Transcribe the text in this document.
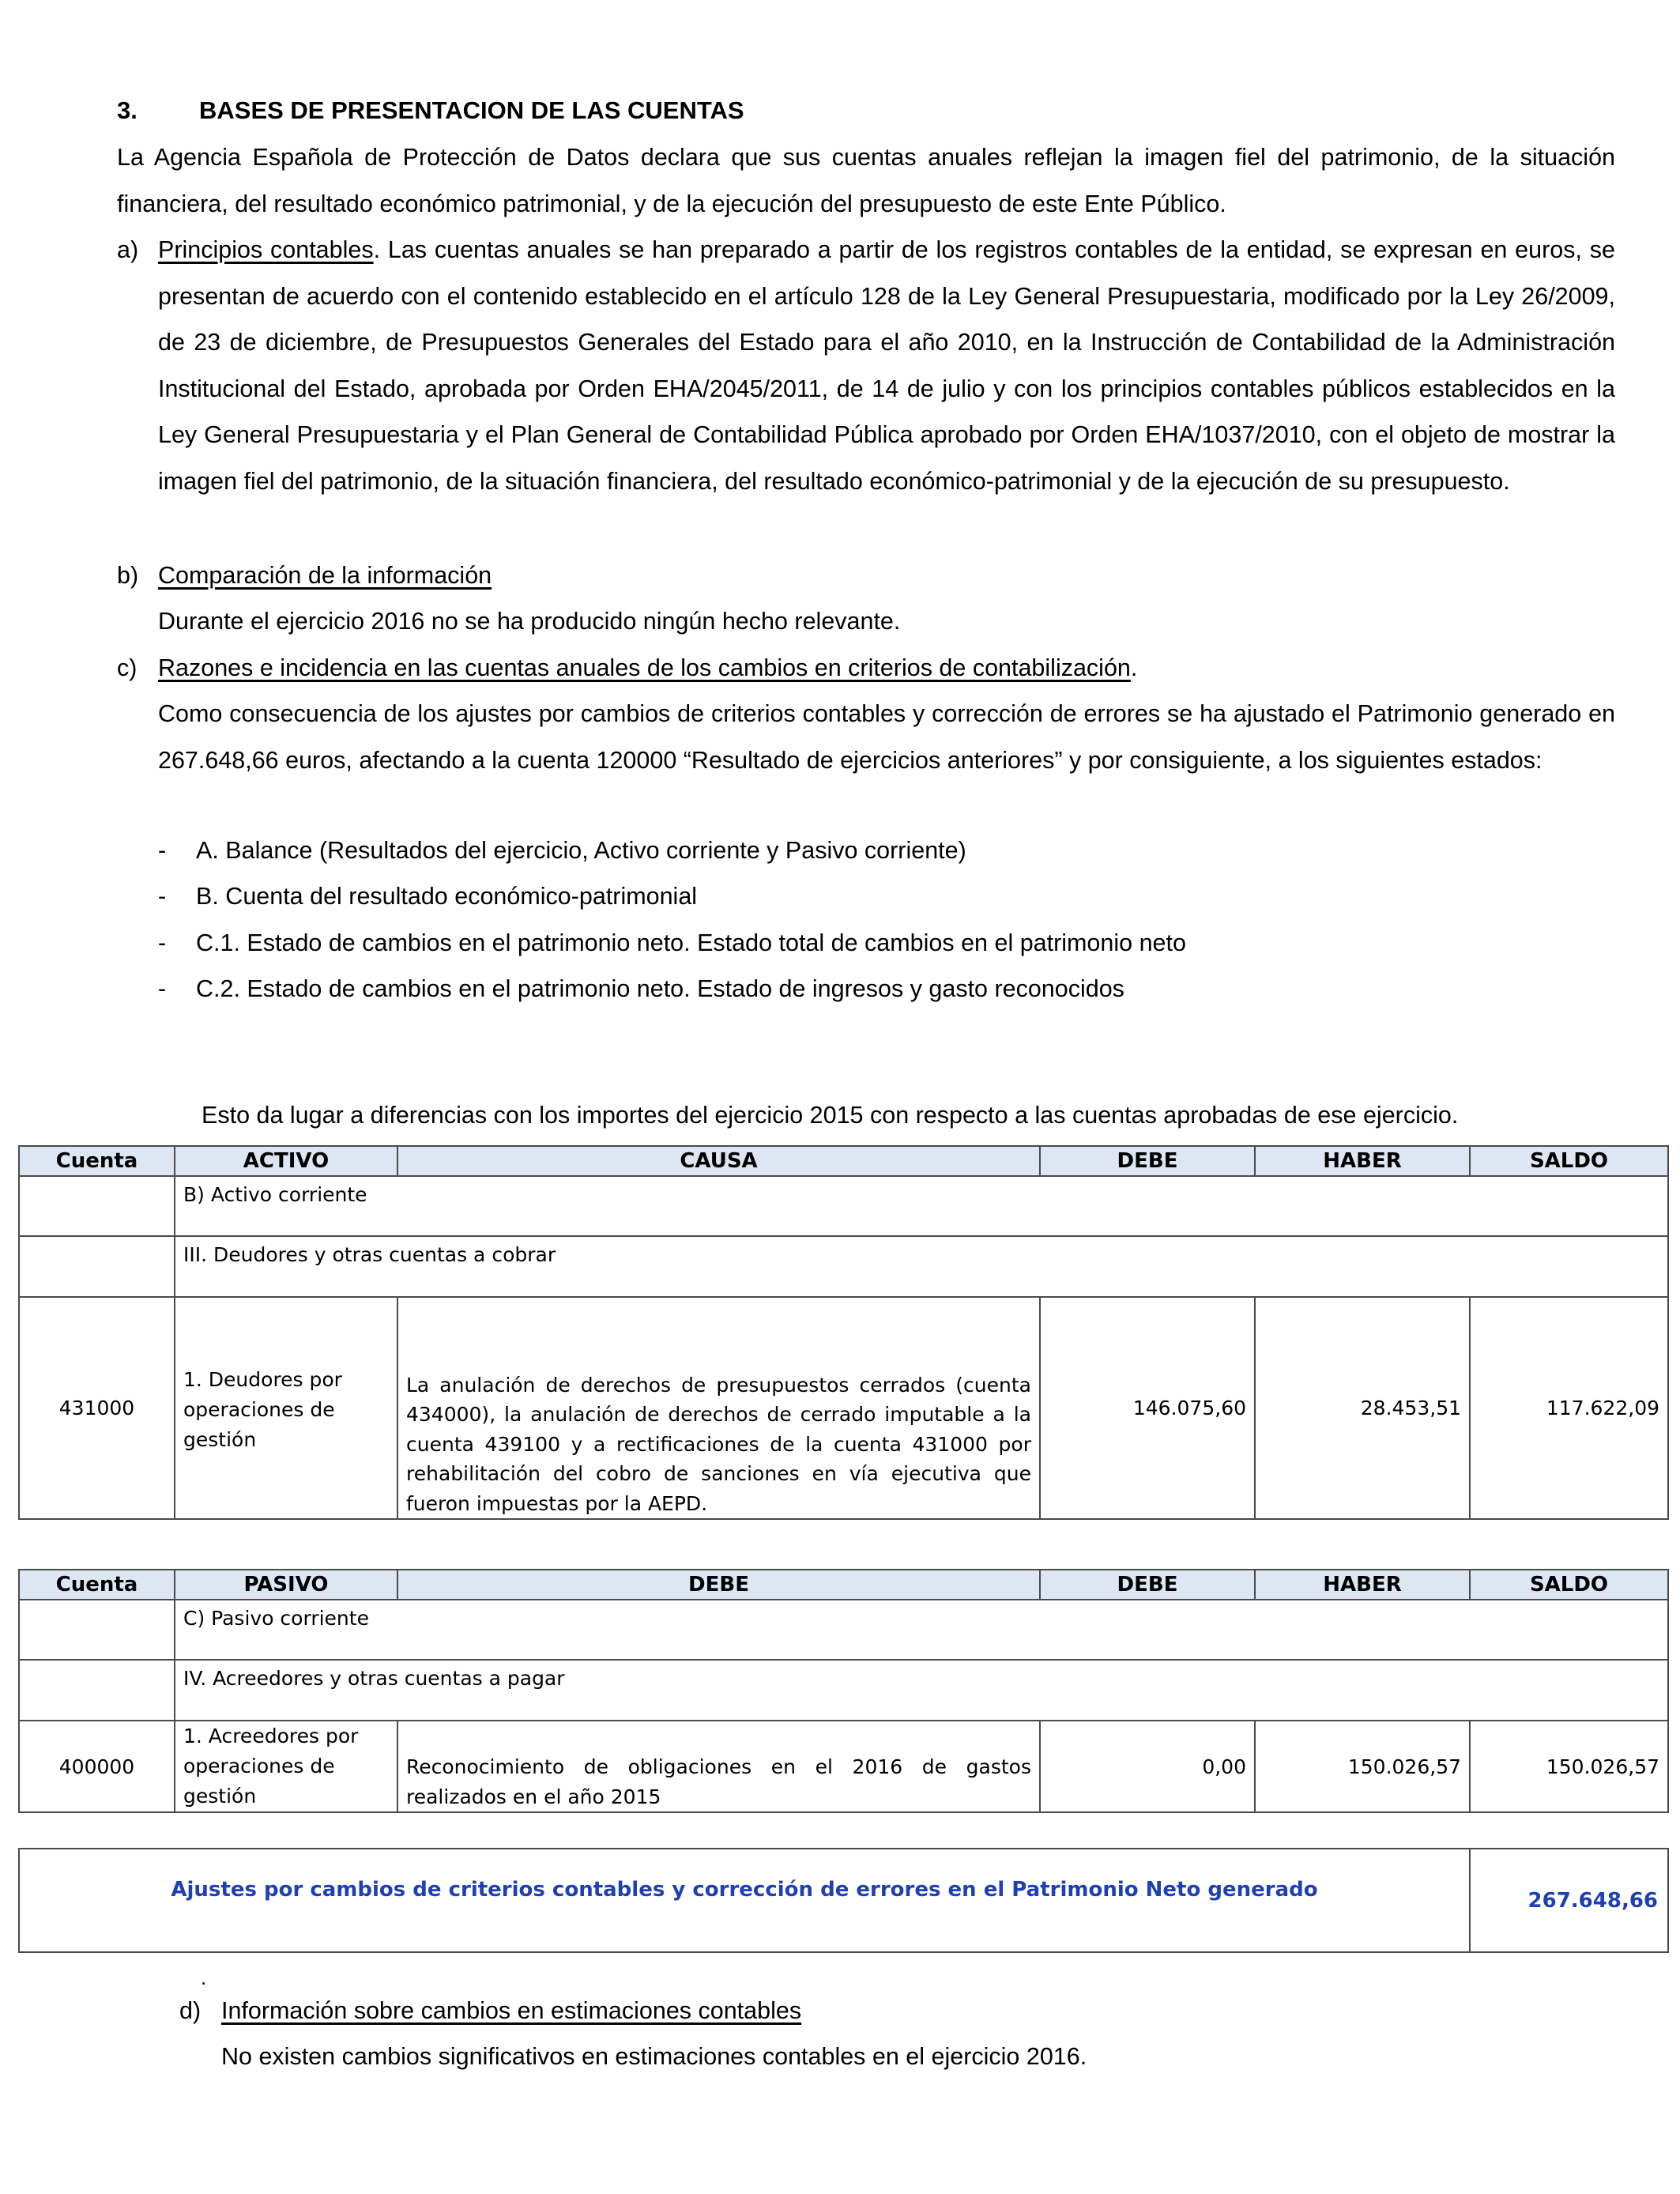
3.	BASES DE PRESENTACION DE LAS CUENTAS
La Agencia Española de Protección de Datos declara que sus cuentas anuales reflejan la imagen fiel del patrimonio, de la situación financiera, del resultado económico patrimonial, y de la ejecución del presupuesto de este Ente Público.
a) Principios contables. Las cuentas anuales se han preparado a partir de los registros contables de la entidad, se expresan en euros, se presentan de acuerdo con el contenido establecido en el artículo 128 de la Ley General Presupuestaria, modificado por la Ley 26/2009, de 23 de diciembre, de Presupuestos Generales del Estado para el año 2010, en la Instrucción de Contabilidad de la Administración Institucional del Estado, aprobada por Orden EHA/2045/2011, de 14 de julio y con los principios contables públicos establecidos en la Ley General Presupuestaria y el Plan General de Contabilidad Pública aprobado por Orden EHA/1037/2010, con el objeto de mostrar la imagen fiel del patrimonio, de la situación financiera, del resultado económico-patrimonial y de la ejecución de su presupuesto.
b) Comparación de la información
Durante el ejercicio 2016 no se ha producido ningún hecho relevante.
c) Razones e incidencia en las cuentas anuales de los cambios en criterios de contabilización.
Como consecuencia de los ajustes por cambios de criterios contables y corrección de errores se ha ajustado el Patrimonio generado en 267.648,66 euros, afectando a la cuenta 120000 “Resultado de ejercicios anteriores” y por consiguiente, a los siguientes estados:
- A. Balance (Resultados del ejercicio, Activo corriente y Pasivo corriente)
- B. Cuenta del resultado económico-patrimonial
- C.1. Estado de cambios en el patrimonio neto. Estado total de cambios en el patrimonio neto
- C.2. Estado de cambios en el patrimonio neto. Estado de ingresos y gasto reconocidos
Esto da lugar a diferencias con los importes del ejercicio 2015 con respecto a las cuentas aprobadas de ese ejercicio.
Cuenta	ACTIVO	CAUSA	DEBE	HABER	SALDO

	B) Activo corriente				

	III. Deudores y otras cuentas a cobrar				

431000	1. Deudores por operaciones de gestión	La anulación de derechos de presupuestos cerrados (cuenta 434000), la anulación de derechos de cerrado imputable a la cuenta 439100 y a rectificaciones de la cuenta 431000 por rehabilitación del cobro de sanciones en vía ejecutiva que fueron impuestas por la AEPD.	146.075,60	28.453,51	117.622,09
Cuenta	PASIVO	DEBE	DEBE	HABER	SALDO

	C) Pasivo corriente				

	IV. Acreedores y otras cuentas a pagar				

400000	1. Acreedores por operaciones de gestión	Reconocimiento de obligaciones en el 2016 de gastos realizados en el año 2015	0,00	150.026,57	150.026,57
Ajustes por cambios de criterios contables y corrección de errores en el Patrimonio Neto generado	267.648,66
.
d) Información sobre cambios en estimaciones contables
No existen cambios significativos en estimaciones contables en el ejercicio 2016.
